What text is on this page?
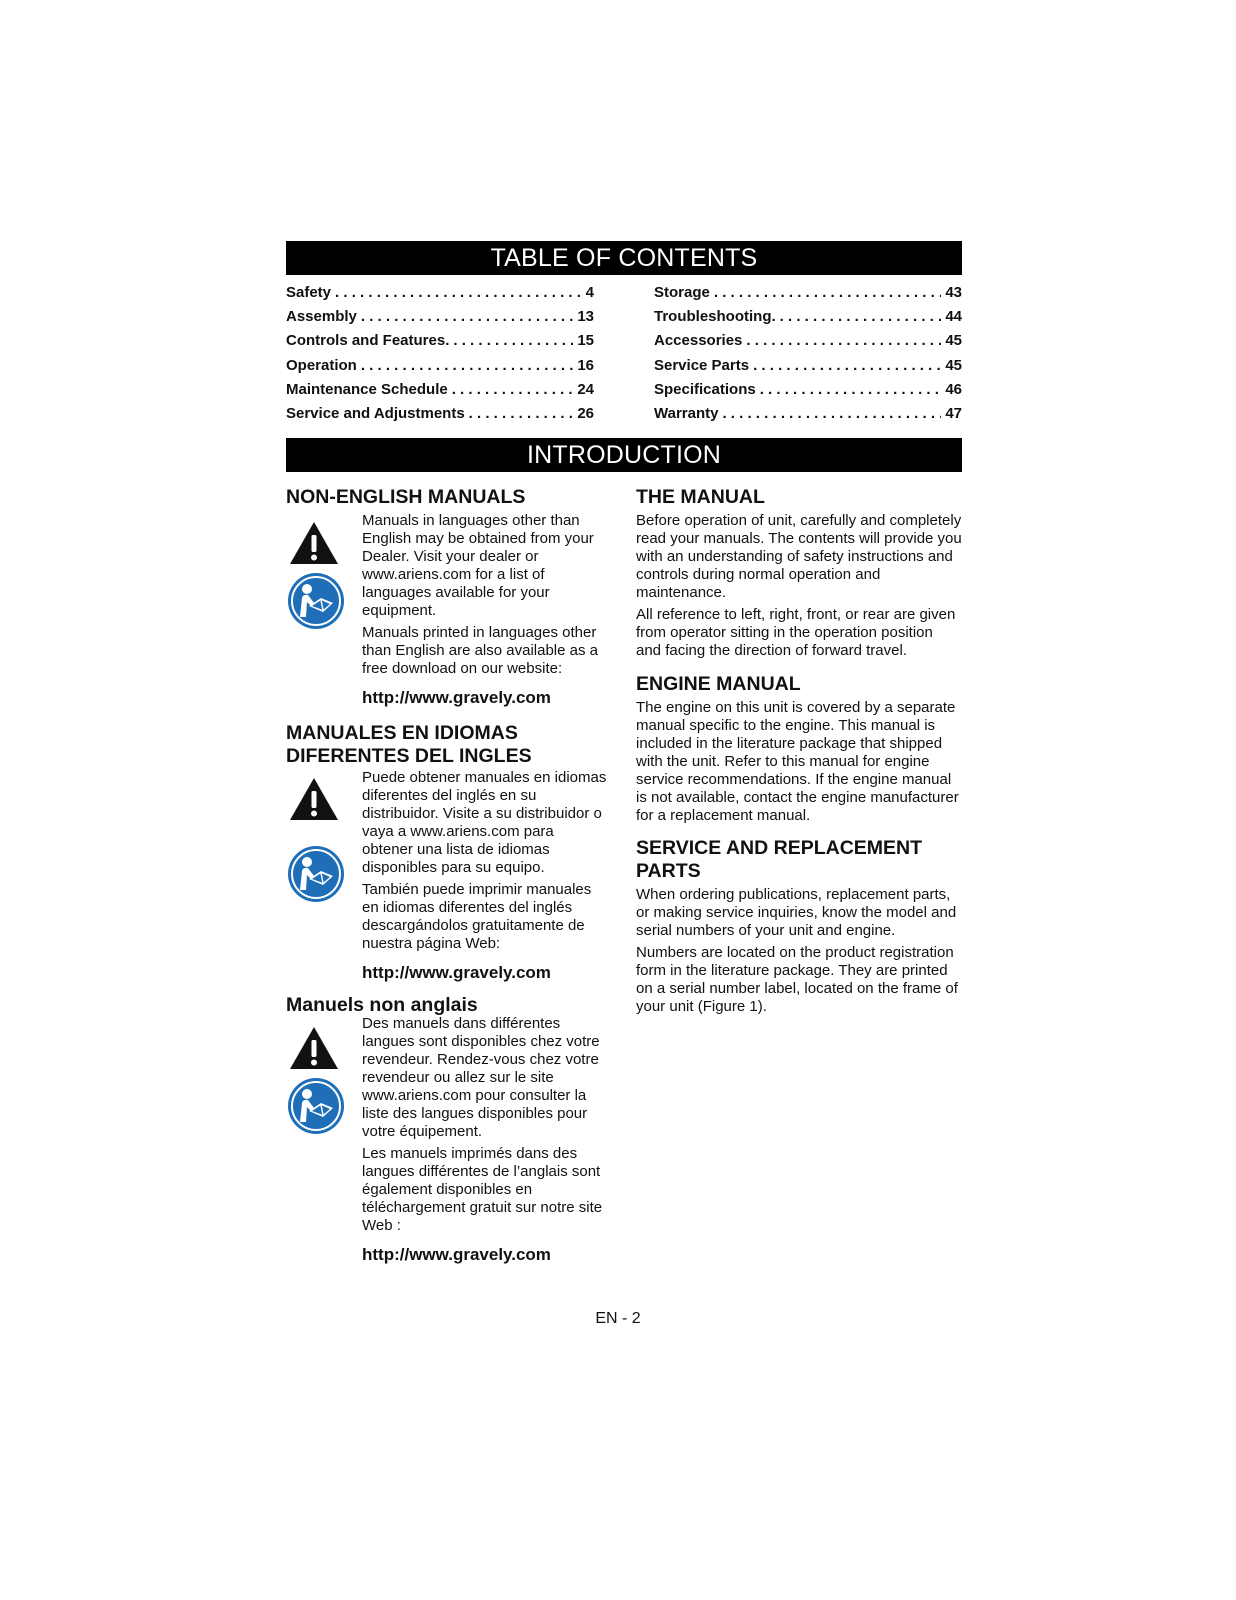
TABLE OF CONTENTS
Safety . . .	4
Assembly . . .	13
Controls and Features. . . .	15
Operation . . .	16
Maintenance Schedule . . .	24
Service and Adjustments . . .	26
Storage . . .	43
Troubleshooting. . . .	44
Accessories . . .	45
Service Parts . . .	45
Specifications . . .	46
Warranty . . .	47
INTRODUCTION
NON-ENGLISH MANUALS

Manuals in languages other than English may be obtained from your Dealer. Visit your dealer or www.ariens.com for a list of languages available for your equipment.

Manuals printed in languages other than English are also available as a free download on our website:

http://www.gravely.com
MANUALES EN IDIOMAS DIFERENTES DEL INGLES

Puede obtener manuales en idiomas diferentes del inglés en su distribuidor. Visite a su distribuidor o vaya a www.ariens.com para obtener una lista de idiomas disponibles para su equipo.

También puede imprimir manuales en idiomas diferentes del inglés descargándolos gratuitamente de nuestra página Web:

http://www.gravely.com
Manuels non anglais

Des manuels dans différentes langues sont disponibles chez votre revendeur. Rendez-vous chez votre revendeur ou allez sur le site www.ariens.com pour consulter la liste des langues disponibles pour votre équipement.

Les manuels imprimés dans des langues différentes de l’anglais sont également disponibles en téléchargement gratuit sur notre site Web :

http://www.gravely.com
THE MANUAL

Before operation of unit, carefully and completely read your manuals. The contents will provide you with an understanding of safety instructions and controls during normal operation and maintenance.

All reference to left, right, front, or rear are given from operator sitting in the operation position and facing the direction of forward travel.

ENGINE MANUAL

The engine on this unit is covered by a separate manual specific to the engine. This manual is included in the literature package that shipped with the unit. Refer to this manual for engine service recommendations. If the engine manual is not available, contact the engine manufacturer for a replacement manual.

SERVICE AND REPLACEMENT PARTS

When ordering publications, replacement parts, or making service inquiries, know the model and serial numbers of your unit and engine.

Numbers are located on the product registration form in the literature package. They are printed on a serial number label, located on the frame of your unit (Figure 1).

EN - 2
